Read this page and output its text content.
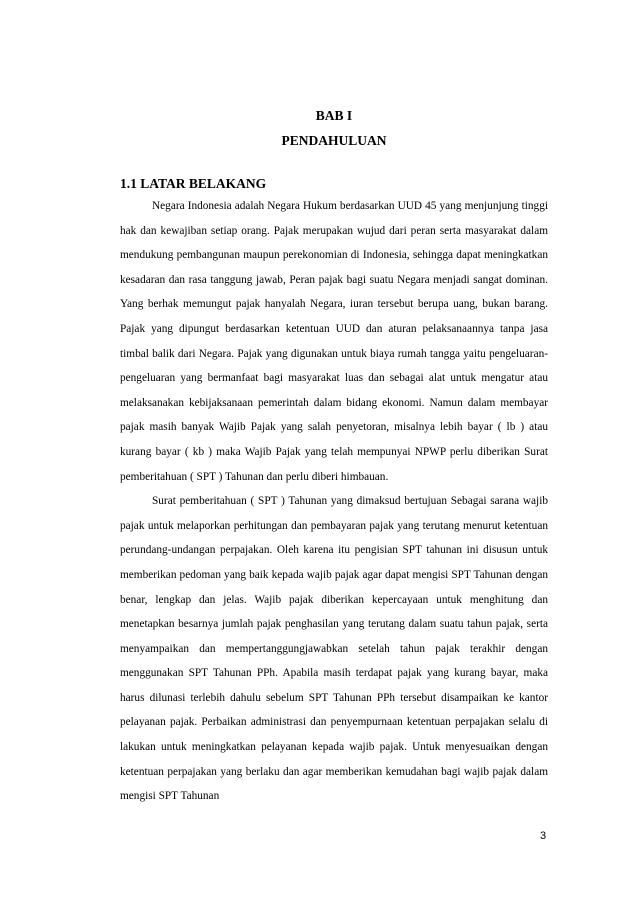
BAB I
PENDAHULUAN
1.1 LATAR BELAKANG

Negara Indonesia adalah Negara Hukum berdasarkan UUD 45 yang menjunjung tinggi hak dan kewajiban setiap orang. Pajak merupakan wujud dari peran serta masyarakat dalam mendukung pembangunan maupun perekonomian di Indonesia, sehingga dapat meningkatkan kesadaran dan rasa tanggung jawab, Peran pajak bagi suatu Negara menjadi sangat dominan. Yang berhak memungut pajak hanyalah Negara, iuran tersebut berupa uang, bukan barang. Pajak yang dipungut berdasarkan ketentuan UUD dan aturan pelaksanaannya tanpa jasa timbal balik dari Negara. Pajak yang digunakan untuk biaya rumah tangga yaitu pengeluaran-pengeluaran yang bermanfaat bagi masyarakat luas dan sebagai alat untuk mengatur atau melaksanakan kebijaksanaan pemerintah dalam bidang ekonomi. Namun dalam membayar pajak masih banyak Wajib Pajak yang salah penyetoran, misalnya lebih bayar ( lb ) atau kurang bayar ( kb ) maka Wajib Pajak yang telah mempunyai NPWP perlu diberikan Surat pemberitahuan ( SPT ) Tahunan dan perlu diberi himbauan.

Surat pemberitahuan ( SPT ) Tahunan yang dimaksud bertujuan Sebagai sarana wajib pajak untuk melaporkan perhitungan dan pembayaran pajak yang terutang menurut ketentuan perundang-undangan perpajakan. Oleh karena itu pengisian SPT tahunan ini disusun untuk memberikan pedoman yang baik kepada wajib pajak agar dapat mengisi SPT Tahunan dengan benar, lengkap dan jelas. Wajib pajak diberikan kepercayaan untuk menghitung dan menetapkan besarnya jumlah pajak penghasilan yang terutang dalam suatu tahun pajak, serta menyampaikan dan mempertanggungjawabkan setelah tahun pajak terakhir dengan menggunakan SPT Tahunan PPh. Apabila masih terdapat pajak yang kurang bayar, maka harus dilunasi terlebih dahulu sebelum SPT Tahunan PPh tersebut disampaikan ke kantor pelayanan pajak. Perbaikan administrasi dan penyempurnaan ketentuan perpajakan selalu di lakukan untuk meningkatkan pelayanan kepada wajib pajak. Untuk menyesuaikan dengan ketentuan perpajakan yang berlaku dan agar memberikan kemudahan bagi wajib pajak dalam mengisi SPT Tahunan

3
